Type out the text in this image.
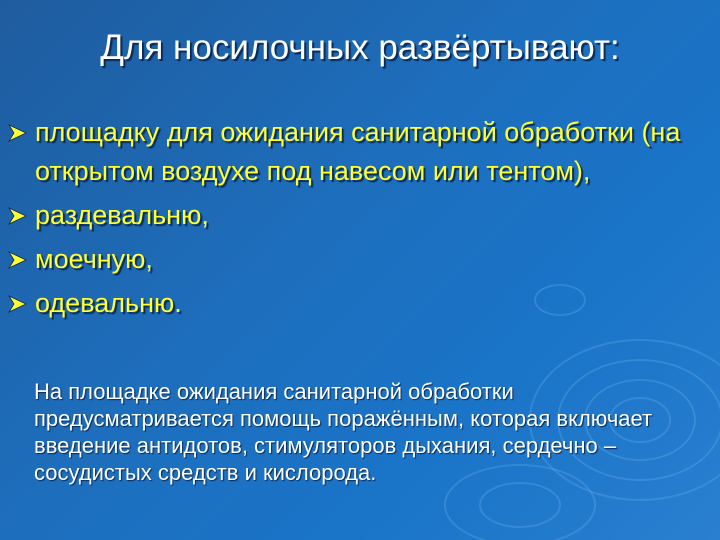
Для носилочных развёртывают:
площадку для ожидания санитарной обработки (на открытом воздухе под навесом или тентом),
раздевальню,
моечную,
одевальню.

На площадке ожидания санитарной обработки предусматривается помощь поражённым, которая включает введение антидотов, стимуляторов дыхания, сердечно – сосудистых средств и кислорода.
